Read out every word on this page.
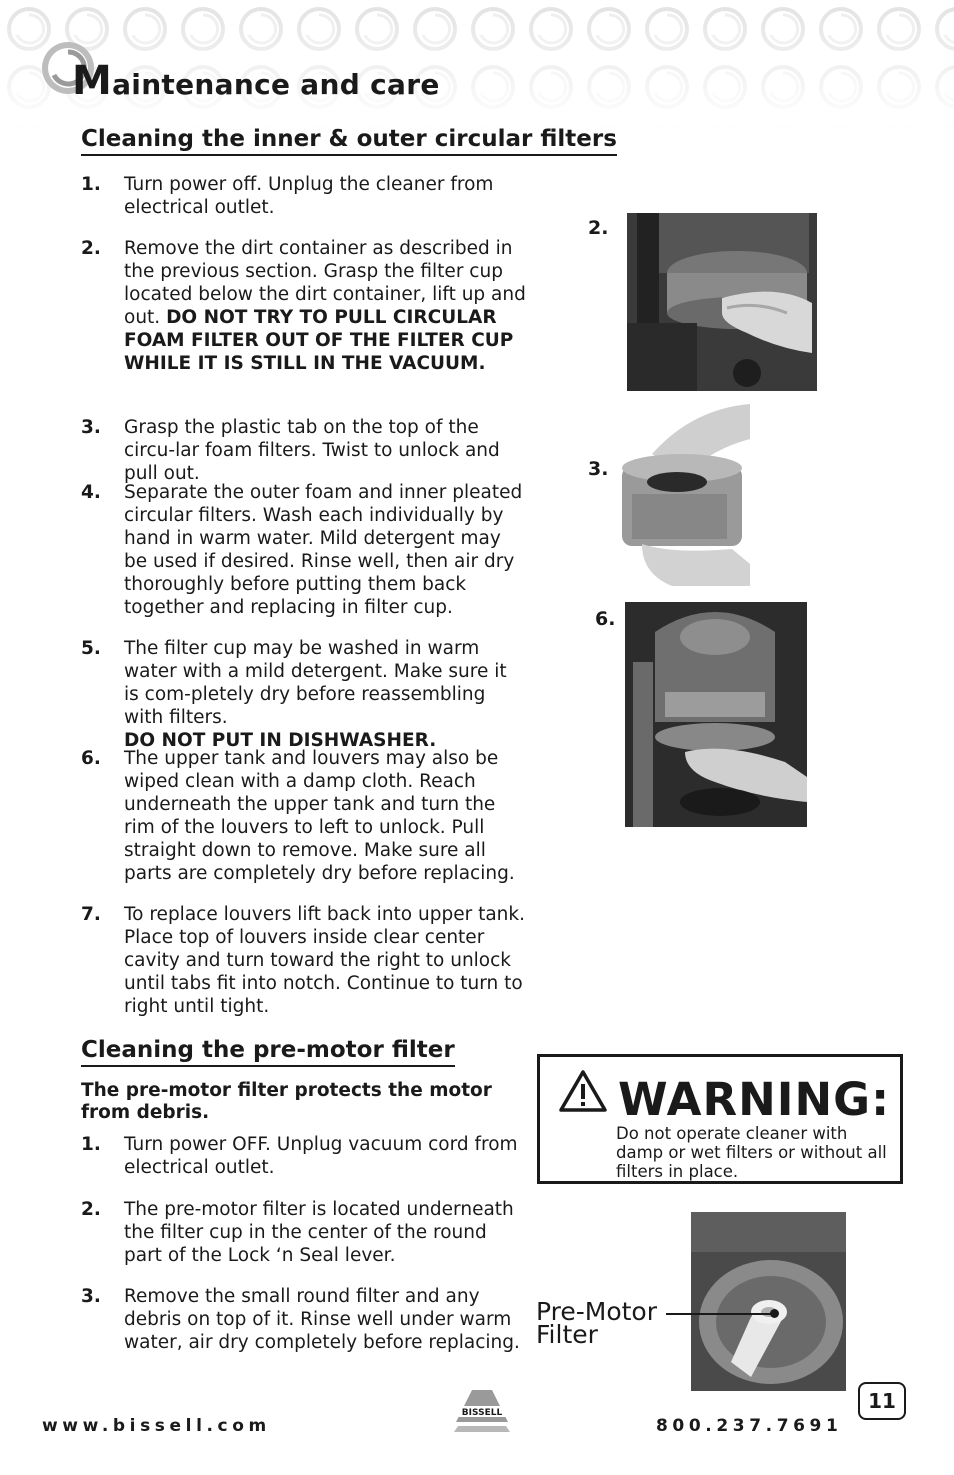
Maintenance and care
Cleaning the inner & outer circular filters
1. Turn power off. Unplug the cleaner from electrical outlet.
2. Remove the dirt container as described in the previous section. Grasp the filter cup located below the dirt container, lift up and out. DO NOT TRY TO PULL CIRCULAR FOAM FILTER OUT OF THE FILTER CUP WHILE IT IS STILL IN THE VACUUM.
3. Grasp the plastic tab on the top of the circu-lar foam filters. Twist to unlock and pull out.
4. Separate the outer foam and inner pleated circular filters. Wash each individually by hand in warm water. Mild detergent may be used if desired. Rinse well, then air dry thoroughly before putting them back together and replacing in filter cup.
5. The filter cup may be washed in warm water with a mild detergent. Make sure it is com-pletely dry before reassembling with filters.
DO NOT PUT IN DISHWASHER.
6. The upper tank and louvers may also be wiped clean with a damp cloth. Reach underneath the upper tank and turn the rim of the louvers to left to unlock. Pull straight down to remove. Make sure all parts are completely dry before replacing.
7. To replace louvers lift back into upper tank. Place top of louvers inside clear center cavity and turn toward the right to unlock until tabs fit into notch. Continue to turn to right until tight.
Cleaning the pre-motor filter
The pre-motor filter protects the motor from debris.
1. Turn power OFF. Unplug vacuum cord from electrical outlet.
2. The pre-motor filter is located underneath the filter cup in the center of the round part of the Lock ‘n Seal lever.
3. Remove the small round filter and any debris on top of it. Rinse well under warm water, air dry completely before replacing.
2.
3.
6.
WARNING:
Do not operate cleaner with damp or wet filters or without all filters in place.
Pre-Motor
Filter
www.bissell.com
BISSELL
800.237.7691
11
